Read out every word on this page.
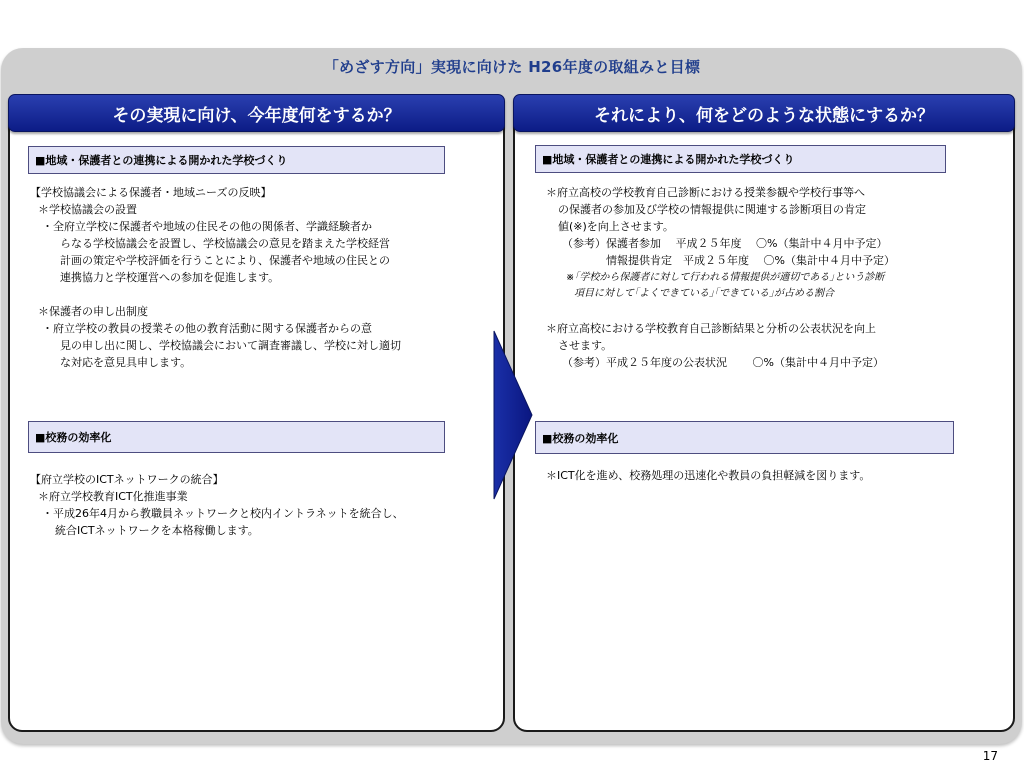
「めざす方向」実現に向けた H26年度の取組みと目標
その実現に向け、今年度何をするか？
■地域・保護者との連携による開かれた学校づくり
【学校協議会による保護者・地域ニーズの反映】
＊学校協議会の設置
・全府立学校に保護者や地域の住民その他の関係者、学識経験者か
らなる学校協議会を設置し、学校協議会の意見を踏まえた学校経営
計画の策定や学校評価を行うことにより、保護者や地域の住民との
連携協力と学校運営への参加を促進します。
＊保護者の申し出制度
・府立学校の教員の授業その他の教育活動に関する保護者からの意
見の申し出に関し、学校協議会において調査審議し、学校に対し適切
な対応を意見具申します。
■校務の効率化
【府立学校のICTネットワークの統合】
＊府立学校教育ICT化推進事業
・平成26年4月から教職員ネットワークと校内イントラネットを統合し、
統合ICTネットワークを本格稼働します。
それにより、何をどのような状態にするか？
■地域・保護者との連携による開かれた学校づくり
＊府立高校の学校教育自己診断における授業参観や学校行事等へ
の保護者の参加及び学校の情報提供に関連する診断項目の肯定
値(※)を向上させます。
（参考）保護者参加　 平成２５年度　 〇%（集計中４月中予定）
情報提供肯定　平成２５年度　 〇%（集計中４月中予定）
※｢学校から保護者に対して行われる情報提供が適切である｣という診断
項目に対して｢よくできている｣｢できている｣が占める割合
＊府立高校における学校教育自己診断結果と分析の公表状況を向上
させます。
（参考）平成２５年度の公表状況　 　〇%（集計中４月中予定）
■校務の効率化
＊ICT化を進め、校務処理の迅速化や教員の負担軽減を図ります。
17
